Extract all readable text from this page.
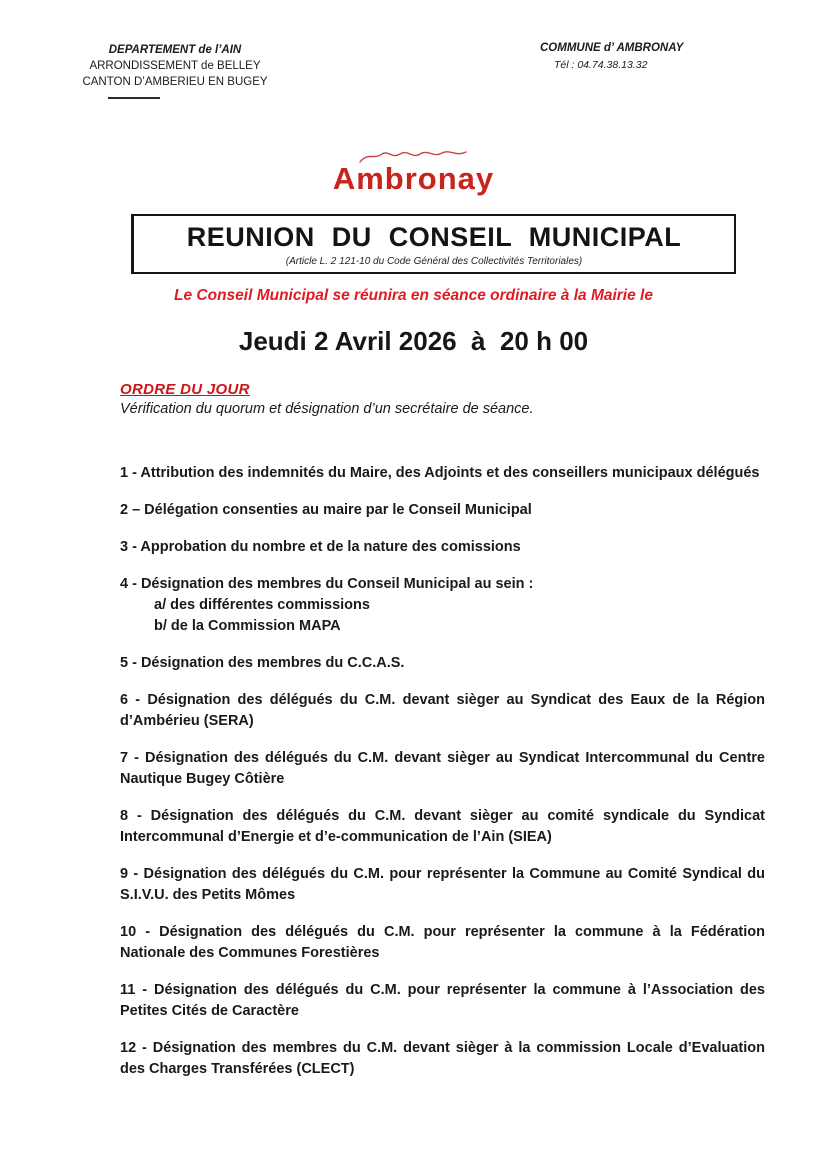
DEPARTEMENT de l’AIN
ARRONDISSEMENT de BELLEY
CANTON D’AMBERIEU EN BUGEY
COMMUNE d’ AMBRONAY
Tél : 04.74.38.13.32
Ambronay
REUNION DU CONSEIL MUNICIPAL
(Article L. 2 121-10 du Code Général des Collectivités Territoriales)
Le Conseil Municipal se réunira en séance ordinaire à la Mairie le
Jeudi 2 Avril 2026  à  20 h 00
ORDRE DU JOUR
Vérification du quorum et désignation d’un secrétaire de séance.
1 - Attribution des indemnités du Maire, des Adjoints et des conseillers municipaux délégués
2 – Délégation consenties au maire par le Conseil Municipal
3 - Approbation du nombre et de la nature des comissions
4 - Désignation des membres du Conseil Municipal au sein :
a/ des différentes commissions
b/ de la Commission MAPA
5 - Désignation des membres du C.C.A.S.
6 - Désignation des délégués du C.M. devant sièger au Syndicat des Eaux de la Région d’Ambérieu (SERA)
7 - Désignation des délégués du C.M. devant sièger au Syndicat Intercommunal du Centre Nautique Bugey Côtière
8 - Désignation des délégués du C.M. devant sièger au comité syndicale du Syndicat Intercommunal d’Energie et d’e-communication de l’Ain (SIEA)
9 - Désignation des délégués du C.M. pour représenter la Commune au Comité Syndical du S.I.V.U. des Petits Mômes
10 - Désignation des délégués du C.M. pour représenter la commune à la Fédération Nationale des Communes Forestières
11 - Désignation des délégués du C.M. pour représenter la commune à l’Association des Petites Cités de Caractère
12 - Désignation des membres du C.M. devant sièger à la commission Locale d’Evaluation des Charges Transférées (CLECT)
